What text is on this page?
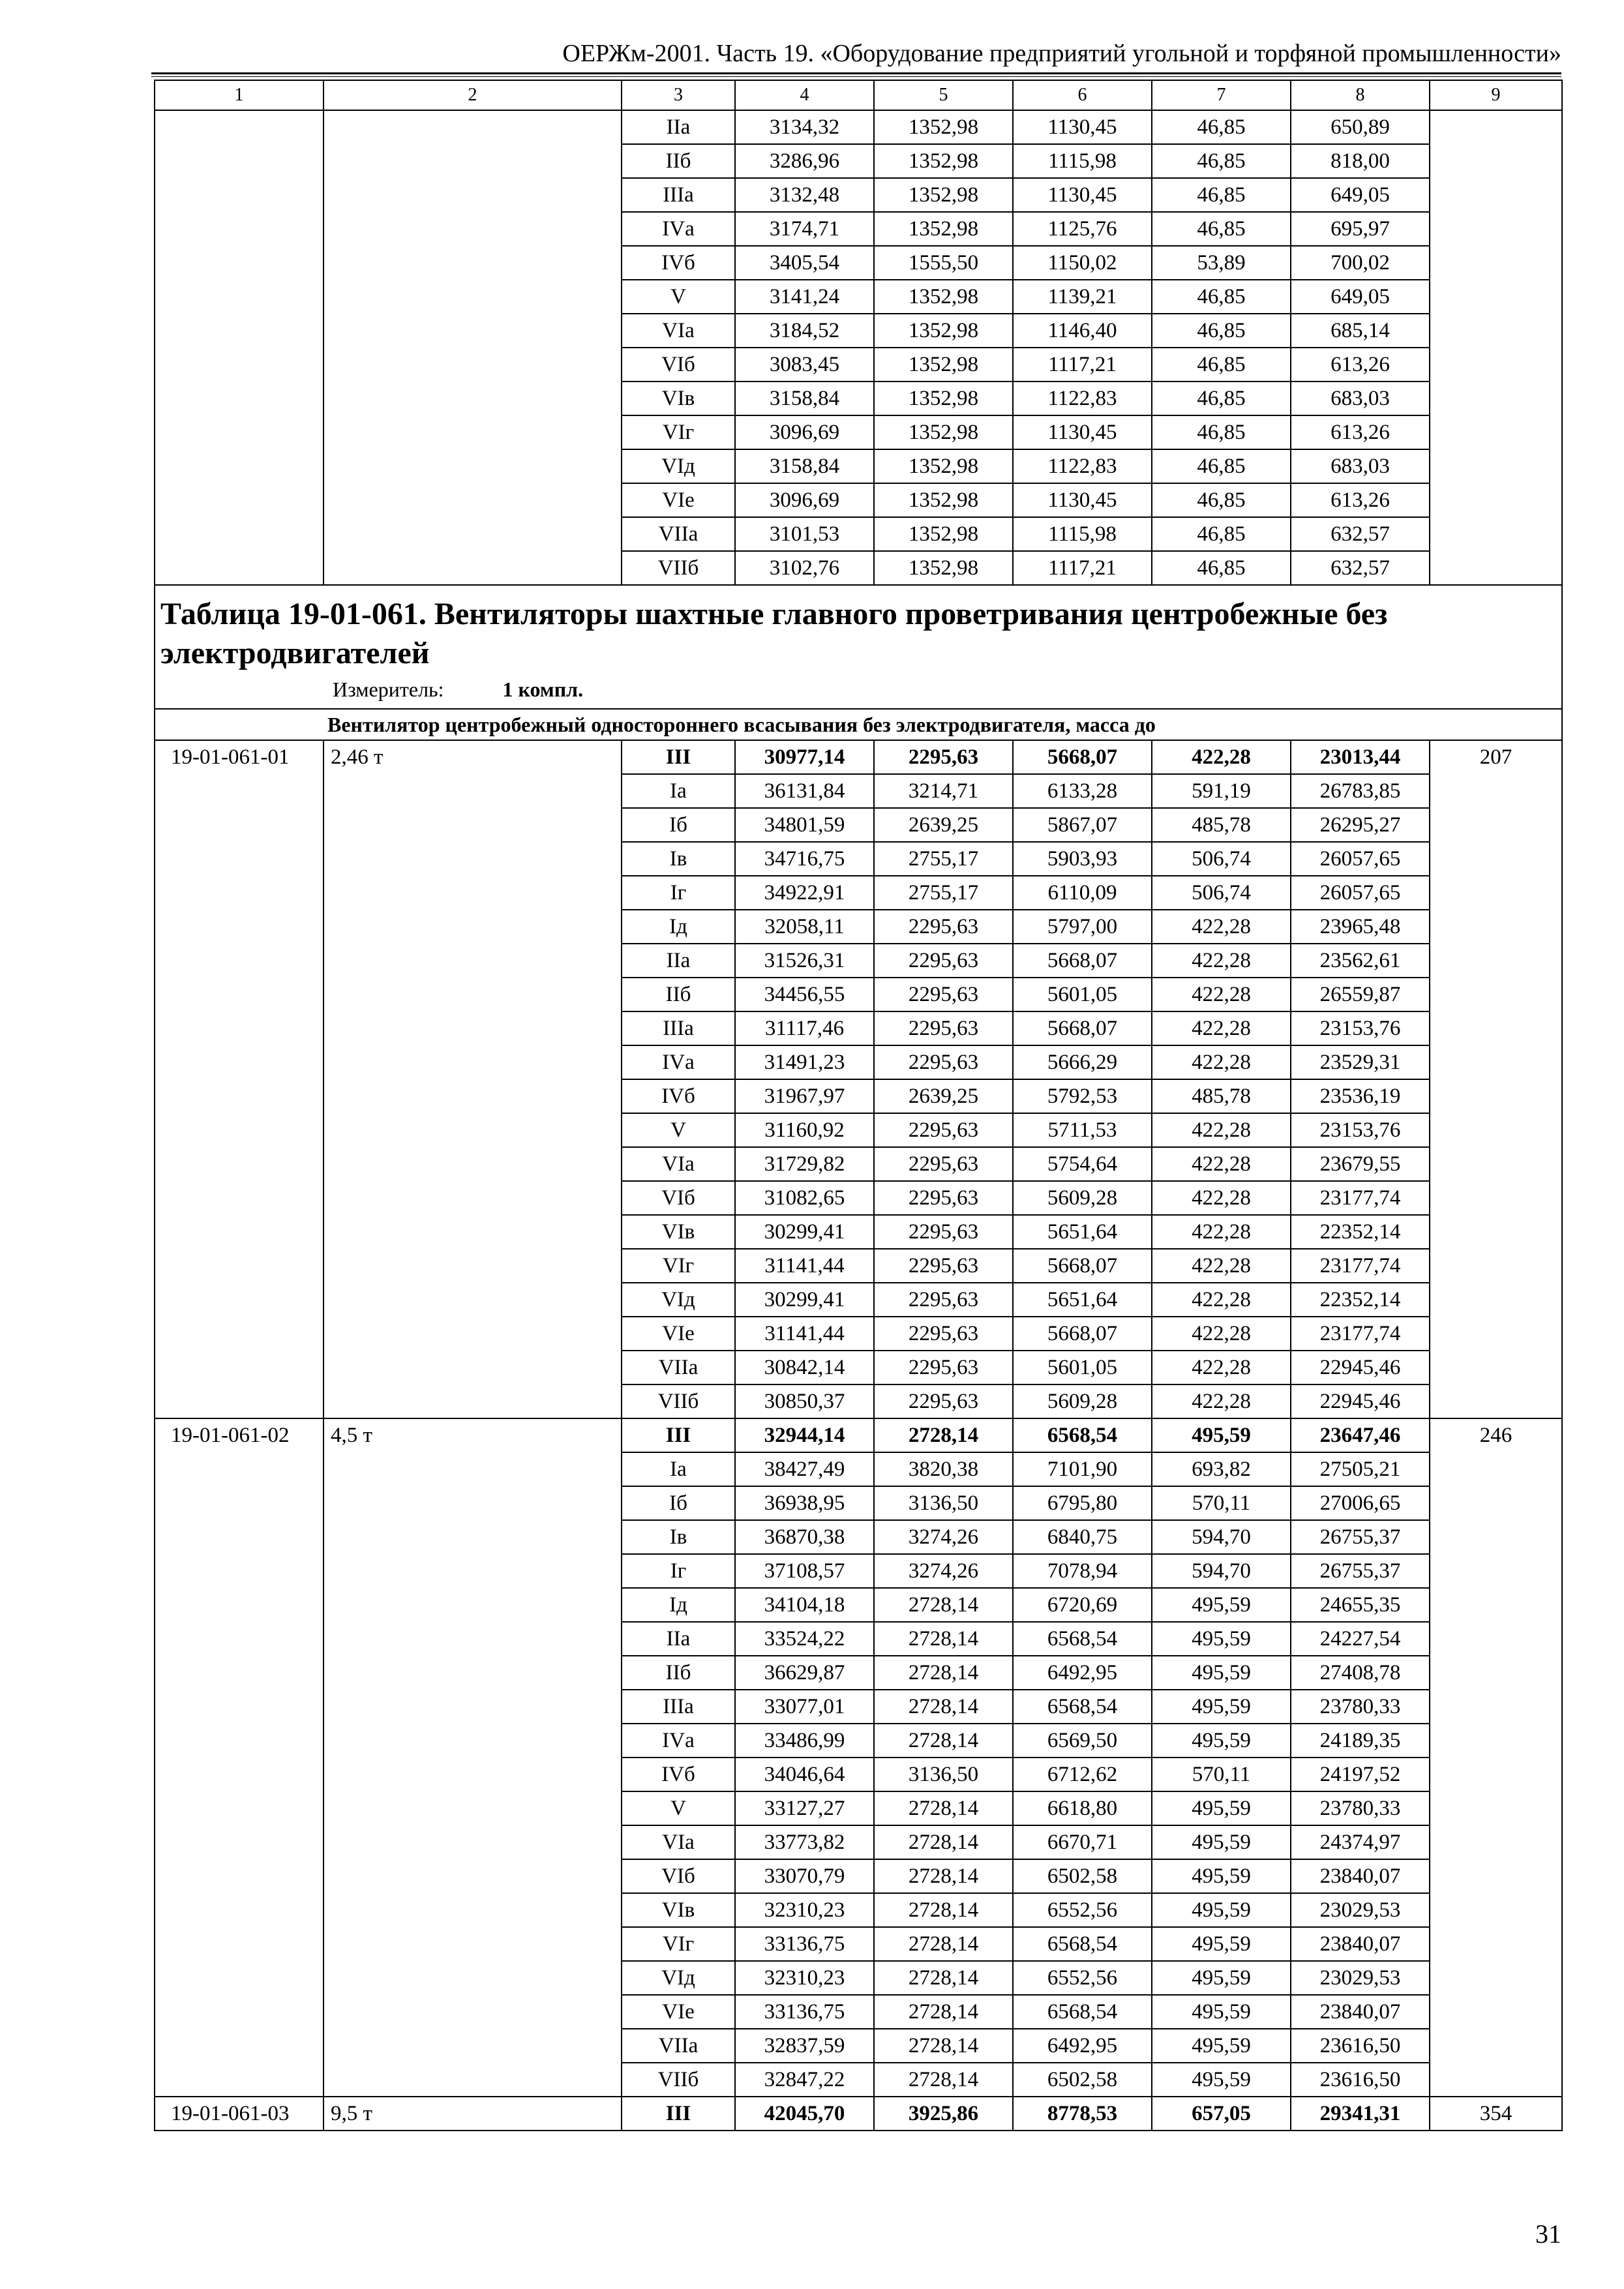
ОЕРЖм-2001. Часть 19. «Оборудование предприятий угольной и торфяной промышленности»
1	2	3	4	5	6	7	8	9
		IIа	3134,32	1352,98	1130,45	46,85	650,89	
		IIб	3286,96	1352,98	1115,98	46,85	818,00	
		IIIа	3132,48	1352,98	1130,45	46,85	649,05	
		IVа	3174,71	1352,98	1125,76	46,85	695,97	
		IVб	3405,54	1555,50	1150,02	53,89	700,02	
		V	3141,24	1352,98	1139,21	46,85	649,05	
		VIа	3184,52	1352,98	1146,40	46,85	685,14	
		VIб	3083,45	1352,98	1117,21	46,85	613,26	
		VIв	3158,84	1352,98	1122,83	46,85	683,03	
		VIг	3096,69	1352,98	1130,45	46,85	613,26	
		VIд	3158,84	1352,98	1122,83	46,85	683,03	
		VIе	3096,69	1352,98	1130,45	46,85	613,26	
		VIIа	3101,53	1352,98	1115,98	46,85	632,57	
		VIIб	3102,76	1352,98	1117,21	46,85	632,57	

Таблица 19-01-061. Вентиляторы шахтные главного проветривания центробежные без электродвигателей
Измеритель: 1 компл.								

Вентилятор центробежный одностороннего всасывания без электродвигателя, масса до								
19-01-061-01	2,46 т	III	30977,14	2295,63	5668,07	422,28	23013,44	207
		Iа	36131,84	3214,71	6133,28	591,19	26783,85	
		Iб	34801,59	2639,25	5867,07	485,78	26295,27	
		Iв	34716,75	2755,17	5903,93	506,74	26057,65	
		Iг	34922,91	2755,17	6110,09	506,74	26057,65	
		Iд	32058,11	2295,63	5797,00	422,28	23965,48	
		IIа	31526,31	2295,63	5668,07	422,28	23562,61	
		IIб	34456,55	2295,63	5601,05	422,28	26559,87	
		IIIа	31117,46	2295,63	5668,07	422,28	23153,76	
		IVа	31491,23	2295,63	5666,29	422,28	23529,31	
		IVб	31967,97	2639,25	5792,53	485,78	23536,19	
		V	31160,92	2295,63	5711,53	422,28	23153,76	
		VIа	31729,82	2295,63	5754,64	422,28	23679,55	
		VIб	31082,65	2295,63	5609,28	422,28	23177,74	
		VIв	30299,41	2295,63	5651,64	422,28	22352,14	
		VIг	31141,44	2295,63	5668,07	422,28	23177,74	
		VIд	30299,41	2295,63	5651,64	422,28	22352,14	
		VIе	31141,44	2295,63	5668,07	422,28	23177,74	
		VIIа	30842,14	2295,63	5601,05	422,28	22945,46	
		VIIб	30850,37	2295,63	5609,28	422,28	22945,46	
19-01-061-02	4,5 т	III	32944,14	2728,14	6568,54	495,59	23647,46	246
		Iа	38427,49	3820,38	7101,90	693,82	27505,21	
		Iб	36938,95	3136,50	6795,80	570,11	27006,65	
		Iв	36870,38	3274,26	6840,75	594,70	26755,37	
		Iг	37108,57	3274,26	7078,94	594,70	26755,37	
		Iд	34104,18	2728,14	6720,69	495,59	24655,35	
		IIа	33524,22	2728,14	6568,54	495,59	24227,54	
		IIб	36629,87	2728,14	6492,95	495,59	27408,78	
		IIIа	33077,01	2728,14	6568,54	495,59	23780,33	
		IVа	33486,99	2728,14	6569,50	495,59	24189,35	
		IVб	34046,64	3136,50	6712,62	570,11	24197,52	
		V	33127,27	2728,14	6618,80	495,59	23780,33	
		VIа	33773,82	2728,14	6670,71	495,59	24374,97	
		VIб	33070,79	2728,14	6502,58	495,59	23840,07	
		VIв	32310,23	2728,14	6552,56	495,59	23029,53	
		VIг	33136,75	2728,14	6568,54	495,59	23840,07	
		VIд	32310,23	2728,14	6552,56	495,59	23029,53	
		VIе	33136,75	2728,14	6568,54	495,59	23840,07	
		VIIа	32837,59	2728,14	6492,95	495,59	23616,50	
		VIIб	32847,22	2728,14	6502,58	495,59	23616,50	
19-01-061-03	9,5 т	III	42045,70	3925,86	8778,53	657,05	29341,31	354
31
